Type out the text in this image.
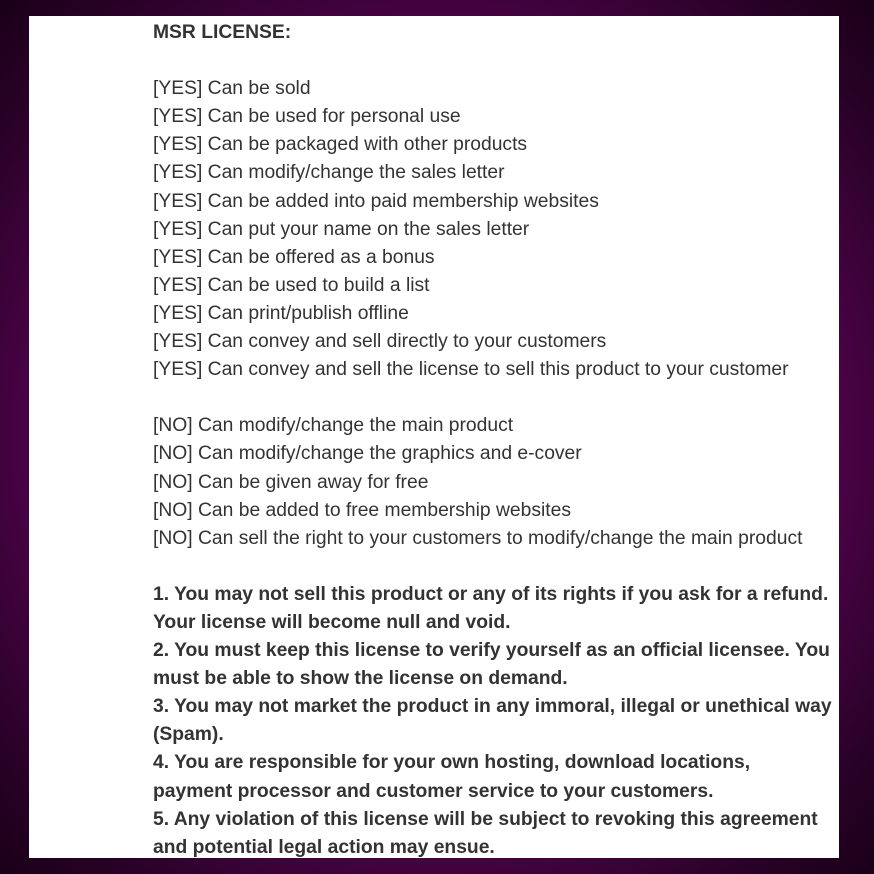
MSR LICENSE:

[YES] Can be sold

[YES] Can be used for personal use

[YES] Can be packaged with other products

[YES] Can modify/change the sales letter

[YES] Can be added into paid membership websites

[YES] Can put your name on the sales letter

[YES] Can be offered as a bonus

[YES] Can be used to build a list

[YES] Can print/publish offline

[YES] Can convey and sell directly to your customers

[YES] Can convey and sell the license to sell this product to your customer

[NO] Can modify/change the main product

[NO] Can modify/change the graphics and e-cover

[NO] Can be given away for free

[NO] Can be added to free membership websites

[NO] Can sell the right to your customers to modify/change the main product

1. You may not sell this product or any of its rights if you ask for a refund. Your license will become null and void.

2. You must keep this license to verify yourself as an official licensee. You must be able to show the license on demand.

3. You may not market the product in any immoral, illegal or unethical way (Spam).

4. You are responsible for your own hosting, download locations, payment processor and customer service to your customers.

5. Any violation of this license will be subject to revoking this agreement and potential legal action may ensue.
